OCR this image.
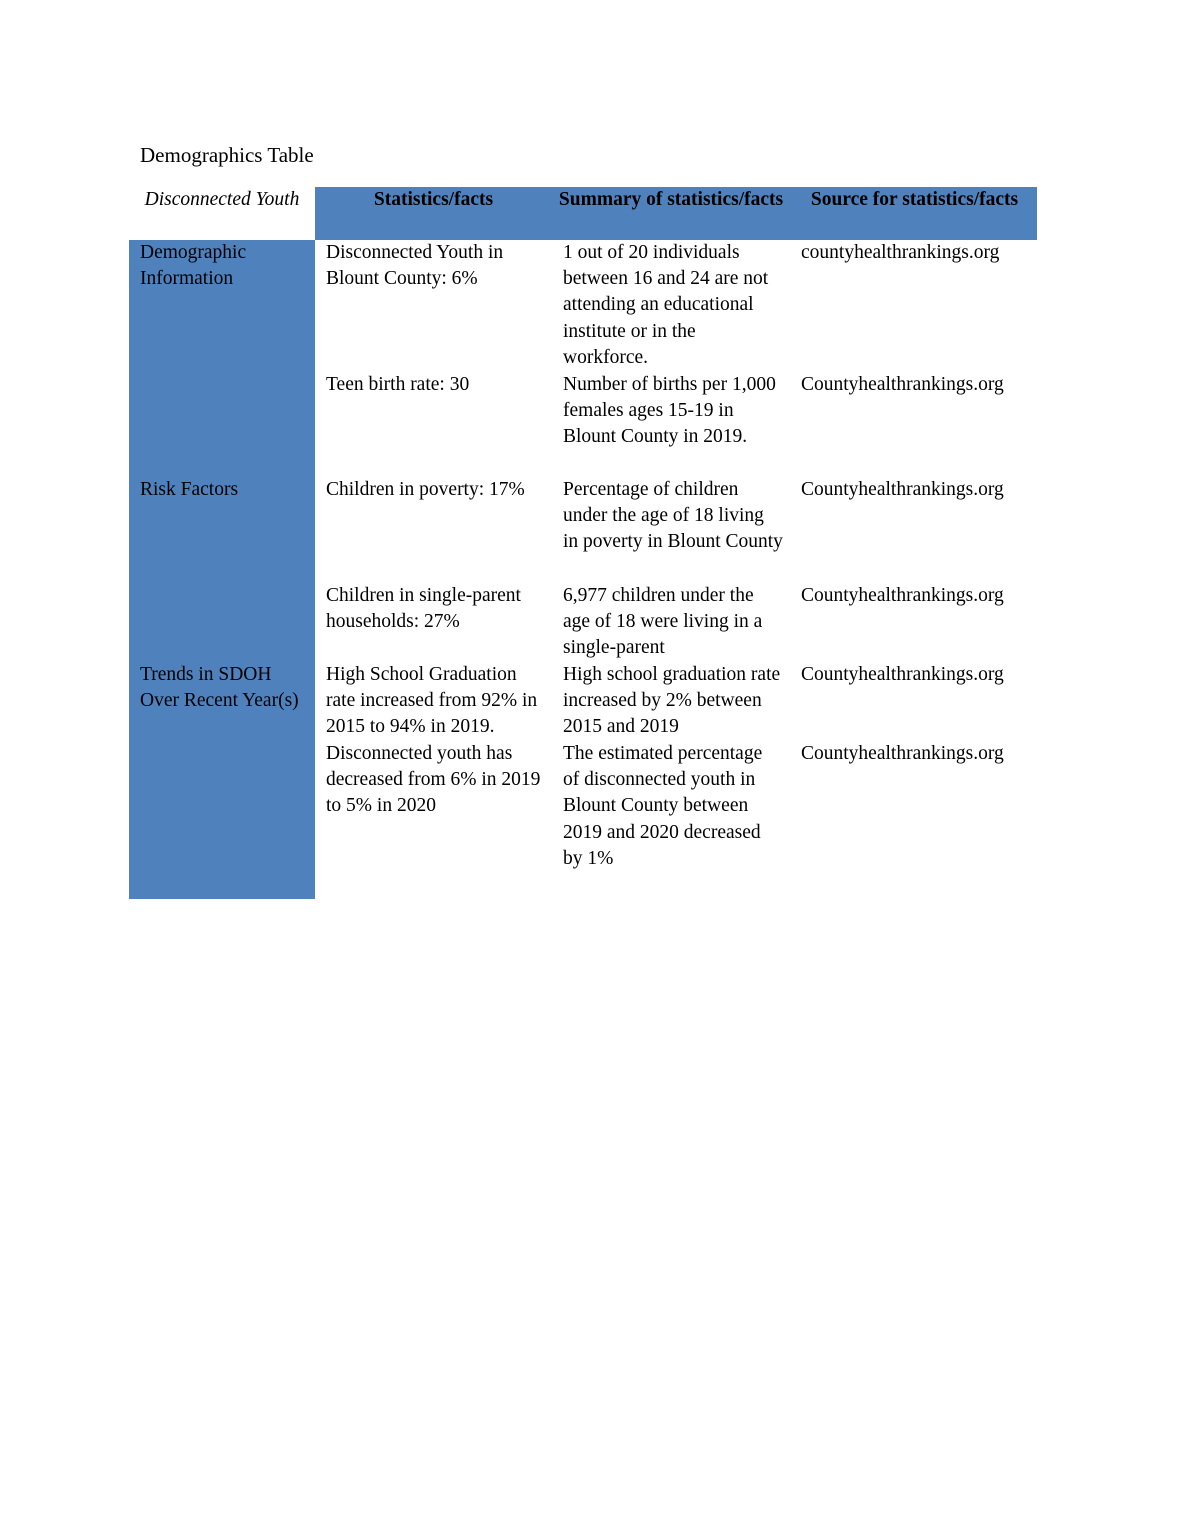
Demographics Table
Disconnected Youth	Statistics/facts	Summary of statistics/facts	Source for statistics/facts
Demographic Information	Disconnected Youth in Blount County: 6%	1 out of 20 individuals between 16 and 24 are not attending an educational institute or in the workforce.	countyhealthrankings.org
	Teen birth rate: 30	Number of births per 1,000 females ages 15-19 in Blount County in 2019.	Countyhealthrankings.org
Risk Factors	Children in poverty: 17%	Percentage of children under the age of 18 living in poverty in Blount County	Countyhealthrankings.org
	Children in single-parent households: 27%	6,977 children under the age of 18 were living in a single-parent	Countyhealthrankings.org
Trends in SDOH Over Recent Year(s)	High School Graduation rate increased from 92% in 2015 to 94% in 2019.	High school graduation rate increased by 2% between 2015 and 2019	Countyhealthrankings.org
	Disconnected youth has decreased from 6% in 2019 to 5% in 2020	The estimated percentage of disconnected youth in Blount County between 2019 and 2020 decreased by 1%	Countyhealthrankings.org
